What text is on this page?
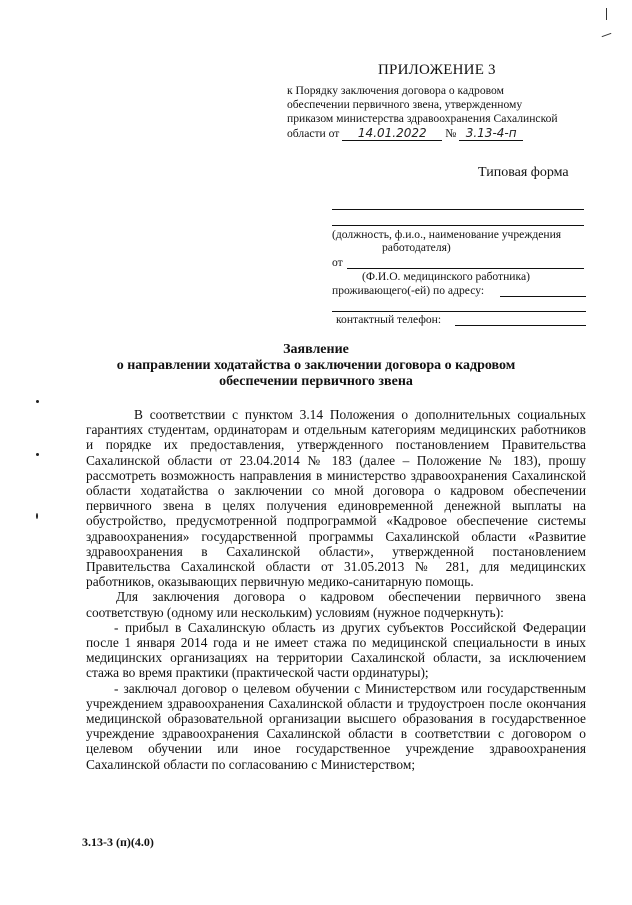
ПРИЛОЖЕНИЕ 3
к Порядку заключения договора о кадровом
обеспечении первичного звена, утвержденному
приказом министерства здравоохранения Сахалинской
области от 14.01.2022 № 3.13-4-п
Типовая форма
(должность, ф.и.о., наименование учреждения
работодателя)
от
(Ф.И.О. медицинского работника)
проживающего(-ей) по адресу:
контактный телефон:
Заявление
о направлении ходатайства о заключении договора о кадровом
обеспечении первичного звена

В соответствии с пунктом 3.14 Положения о дополнительных социальных гарантиях студентам, ординаторам и отдельным категориям медицинских работников и порядке их предоставления, утвержденного постановлением Правительства Сахалинской области от 23.04.2014 № 183 (далее – Положение № 183), прошу рассмотреть возможность направления в министерство здравоохранения Сахалинской области ходатайства о заключении со мной договора о кадровом обеспечении первичного звена в целях получения единовременной денежной выплаты на обустройство, предусмотренной подпрограммой «Кадровое обеспечение системы здравоохранения» государственной программы Сахалинской области «Развитие здравоохранения в Сахалинской области», утвержденной постановлением Правительства Сахалинской области от 31.05.2013 № 281, для медицинских работников, оказывающих первичную медико-санитарную помощь.

Для заключения договора о кадровом обеспечении первичного звена соответствую (одному или нескольким) условиям (нужное подчеркнуть):

- прибыл в Сахалинскую область из других субъектов Российской Федерации после 1 января 2014 года и не имеет стажа по медицинской специальности в иных медицинских организациях на территории Сахалинской области, за исключением стажа во время практики (практической части ординатуры);

- заключал договор о целевом обучении с Министерством или государственным учреждением здравоохранения Сахалинской области и трудоустроен после окончания медицинской образовательной организации высшего образования в государственное учреждение здравоохранения Сахалинской области в соответствии с договором о целевом обучении или иное государственное учреждение здравоохранения Сахалинской области по согласованию с Министерством;

3.13-3 (п)(4.0)
